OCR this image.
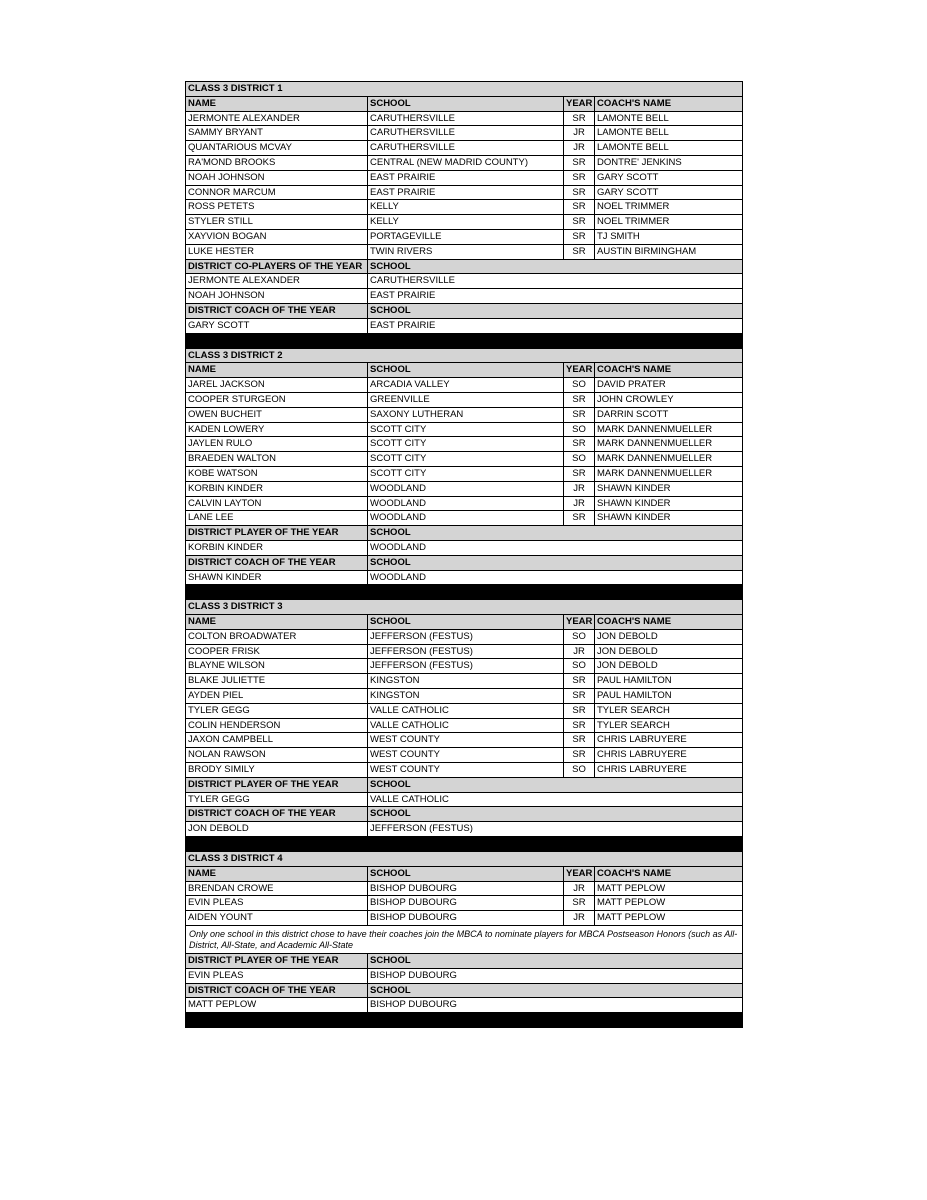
CLASS 3 DISTRICT 1			
NAME	SCHOOL	YEAR	COACH'S NAME
JERMONTE ALEXANDER	CARUTHERSVILLE	SR	LAMONTE BELL
SAMMY BRYANT	CARUTHERSVILLE	JR	LAMONTE BELL
QUANTARIOUS MCVAY	CARUTHERSVILLE	JR	LAMONTE BELL
RA'MOND BROOKS	CENTRAL (NEW MADRID COUNTY)	SR	DONTRE' JENKINS
NOAH JOHNSON	EAST PRAIRIE	SR	GARY SCOTT
CONNOR MARCUM	EAST PRAIRIE	SR	GARY SCOTT
ROSS PETETS	KELLY	SR	NOEL TRIMMER
STYLER STILL	KELLY	SR	NOEL TRIMMER
XAYVION BOGAN	PORTAGEVILLE	SR	TJ SMITH
LUKE HESTER	TWIN RIVERS	SR	AUSTIN BIRMINGHAM
DISTRICT CO-PLAYERS OF THE YEAR	SCHOOL		
JERMONTE ALEXANDER	CARUTHERSVILLE		
NOAH JOHNSON	EAST PRAIRIE		
DISTRICT COACH OF THE YEAR	SCHOOL		
GARY SCOTT	EAST PRAIRIE		

CLASS 3 DISTRICT 2			
NAME	SCHOOL	YEAR	COACH'S NAME
JAREL JACKSON	ARCADIA VALLEY	SO	DAVID PRATER
COOPER STURGEON	GREENVILLE	SR	JOHN CROWLEY
OWEN BUCHEIT	SAXONY LUTHERAN	SR	DARRIN SCOTT
KADEN LOWERY	SCOTT CITY	SO	MARK DANNENMUELLER
JAYLEN RULO	SCOTT CITY	SR	MARK DANNENMUELLER
BRAEDEN WALTON	SCOTT CITY	SO	MARK DANNENMUELLER
KOBE WATSON	SCOTT CITY	SR	MARK DANNENMUELLER
KORBIN KINDER	WOODLAND	JR	SHAWN KINDER
CALVIN LAYTON	WOODLAND	JR	SHAWN KINDER
LANE LEE	WOODLAND	SR	SHAWN KINDER
DISTRICT PLAYER OF THE YEAR	SCHOOL		
KORBIN KINDER	WOODLAND		
DISTRICT COACH OF THE YEAR	SCHOOL		
SHAWN KINDER	WOODLAND		

CLASS 3 DISTRICT 3			
NAME	SCHOOL	YEAR	COACH'S NAME
COLTON BROADWATER	JEFFERSON (FESTUS)	SO	JON DEBOLD
COOPER FRISK	JEFFERSON (FESTUS)	JR	JON DEBOLD
BLAYNE WILSON	JEFFERSON (FESTUS)	SO	JON DEBOLD
BLAKE JULIETTE	KINGSTON	SR	PAUL HAMILTON
AYDEN PIEL	KINGSTON	SR	PAUL HAMILTON
TYLER GEGG	VALLE CATHOLIC	SR	TYLER SEARCH
COLIN HENDERSON	VALLE CATHOLIC	SR	TYLER SEARCH
JAXON CAMPBELL	WEST COUNTY	SR	CHRIS LABRUYERE
NOLAN RAWSON	WEST COUNTY	SR	CHRIS LABRUYERE
BRODY SIMILY	WEST COUNTY	SO	CHRIS LABRUYERE
DISTRICT PLAYER OF THE YEAR	SCHOOL		
TYLER GEGG	VALLE CATHOLIC		
DISTRICT COACH OF THE YEAR	SCHOOL		
JON DEBOLD	JEFFERSON (FESTUS)		

CLASS 3 DISTRICT 4			
NAME	SCHOOL	YEAR	COACH'S NAME
BRENDAN CROWE	BISHOP DUBOURG	JR	MATT PEPLOW
EVIN PLEAS	BISHOP DUBOURG	SR	MATT PEPLOW
AIDEN YOUNT	BISHOP DUBOURG	JR	MATT PEPLOW
Only one school in this district chose to have their coaches join the MBCA to nominate players for MBCA Postseason Honors (such as All-District, All-State, and Academic All-State			
DISTRICT PLAYER OF THE YEAR	SCHOOL		
EVIN PLEAS	BISHOP DUBOURG		
DISTRICT COACH OF THE YEAR	SCHOOL		
MATT PEPLOW	BISHOP DUBOURG		
